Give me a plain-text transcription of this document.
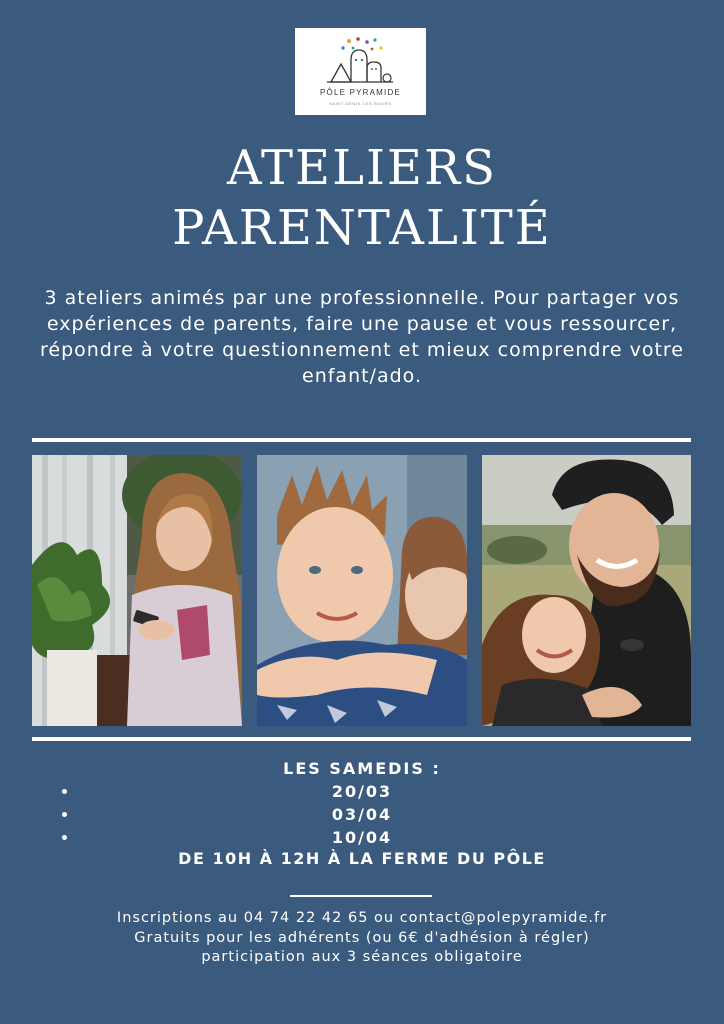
PÔLE PYRAMIDE
SAINT-DENIS-LES-BOURG
ATELIERS
PARENTALITÉ
3 ateliers animés par une professionnelle. Pour partager vos expériences de parents, faire une pause et vous ressourcer, répondre à votre questionnement et mieux comprendre votre enfant/ado.
LES SAMEDIS :
20/03
03/04
10/04
DE 10H À 12H À LA FERME DU PÔLE
Inscriptions au 04 74 22 42 65 ou contact@polepyramide.fr
Gratuits pour les adhérents (ou 6€ d'adhésion à régler)
participation aux 3 séances obligatoire
